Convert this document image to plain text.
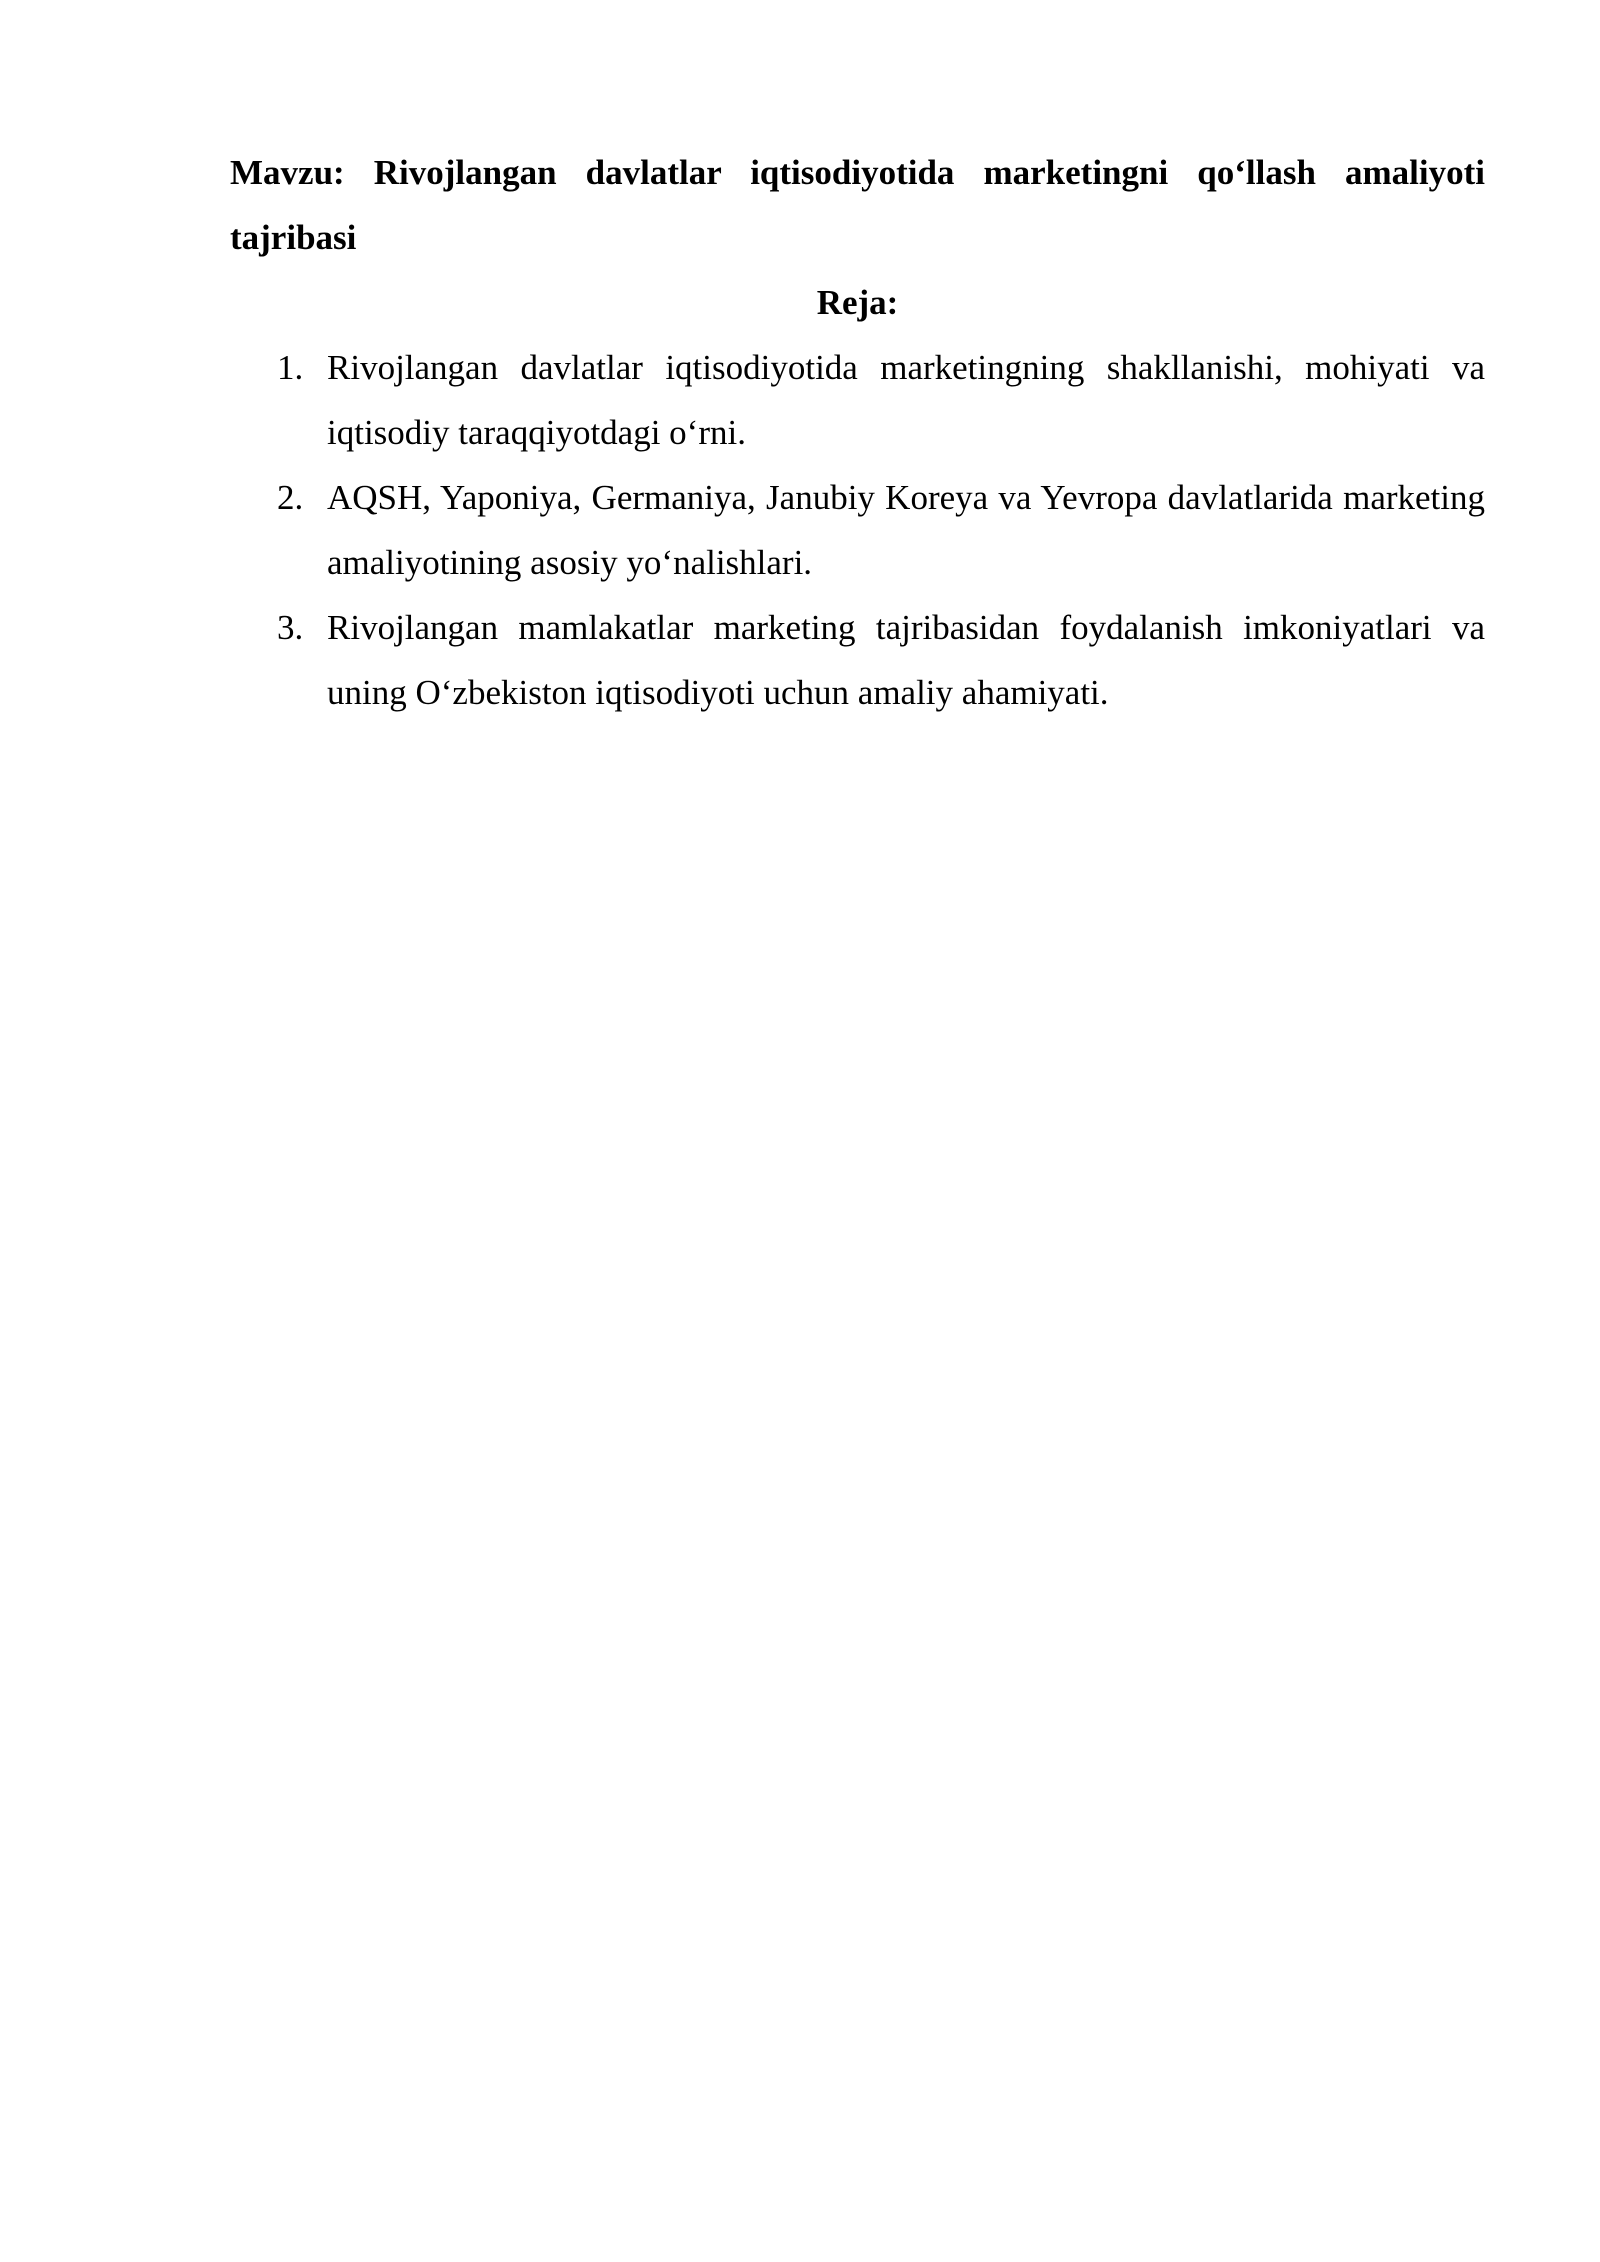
Mavzu: Rivojlangan davlatlar iqtisodiyotida marketingni qo‘llash amaliyoti tajribasi

Reja:

1. Rivojlangan davlatlar iqtisodiyotida marketingning shakllanishi, mohiyati va iqtisodiy taraqqiyotdagi o‘rni.
2. AQSH, Yaponiya, Germaniya, Janubiy Koreya va Yevropa davlatlarida marketing amaliyotining asosiy yo‘nalishlari.
3. Rivojlangan mamlakatlar marketing tajribasidan foydalanish imkoniyatlari va uning O‘zbekiston iqtisodiyoti uchun amaliy ahamiyati.
